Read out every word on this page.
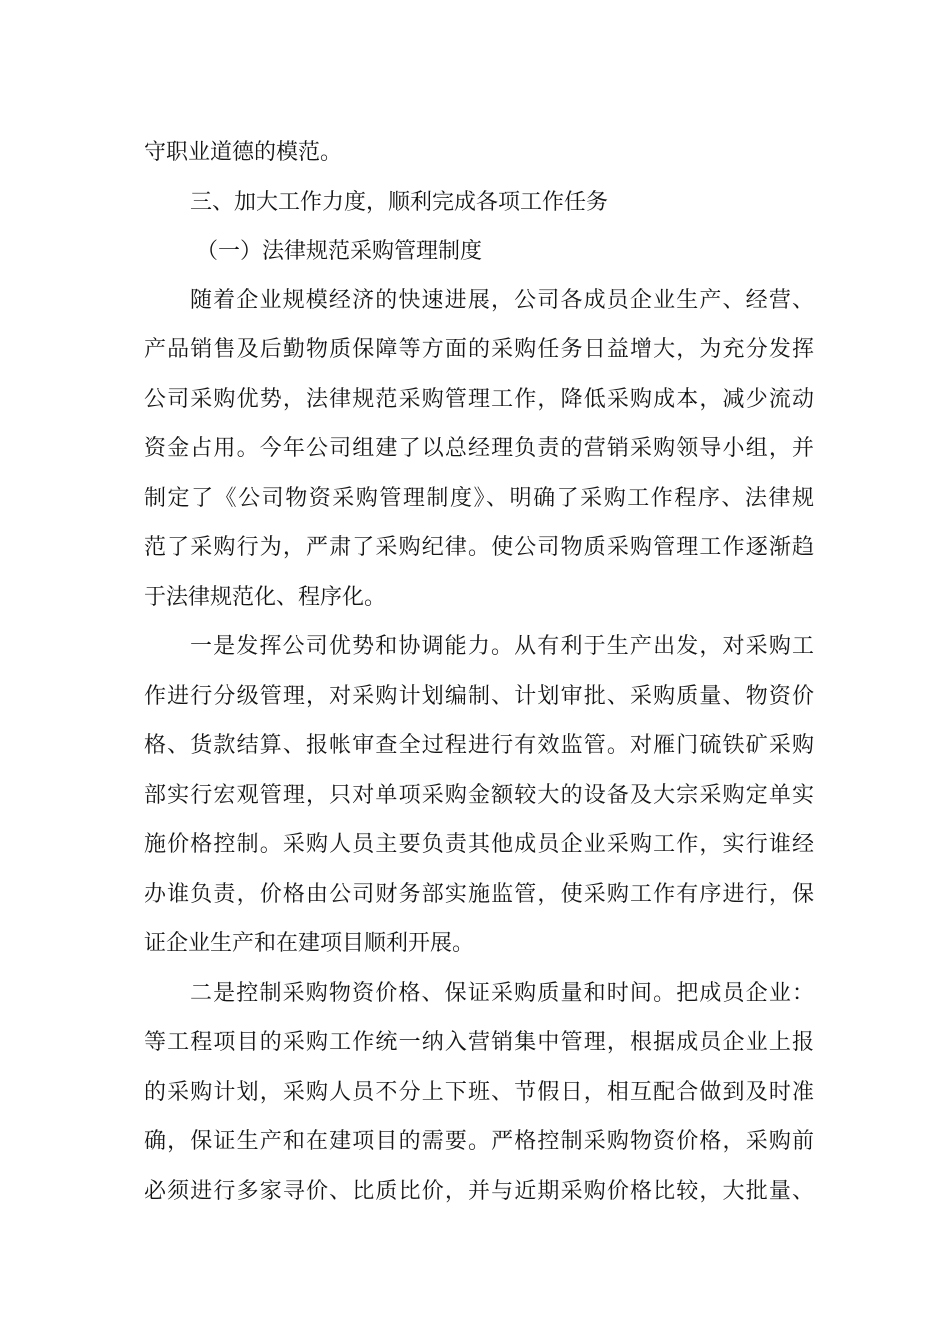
守职业道德的模范。
三、加大工作力度，顺利完成各项工作任务
（一）法律规范采购管理制度
随着企业规模经济的快速进展，公司各成员企业生产、经营、
产品销售及后勤物质保障等方面的采购任务日益增大，为充分发挥
公司采购优势，法律规范采购管理工作，降低采购成本，减少流动
资金占用。今年公司组建了以总经理负责的营销采购领导小组，并
制定了《公司物资采购管理制度》、明确了采购工作程序、法律规
范了采购行为，严肃了采购纪律。使公司物质采购管理工作逐渐趋
于法律规范化、程序化。
一是发挥公司优势和协调能力。从有利于生产出发，对采购工
作进行分级管理，对采购计划编制、计划审批、采购质量、物资价
格、货款结算、报帐审查全过程进行有效监管。对雁门硫铁矿采购
部实行宏观管理，只对单项采购金额较大的设备及大宗采购定单实
施价格控制。采购人员主要负责其他成员企业采购工作，实行谁经
办谁负责，价格由公司财务部实施监管，使采购工作有序进行，保
证企业生产和在建项目顺利开展。
二是控制采购物资价格、保证采购质量和时间。把成员企业：
等工程项目的采购工作统一纳入营销集中管理，根据成员企业上报
的采购计划，采购人员不分上下班、节假日，相互配合做到及时准
确，保证生产和在建项目的需要。严格控制采购物资价格，采购前
必须进行多家寻价、比质比价，并与近期采购价格比较，大批量、
